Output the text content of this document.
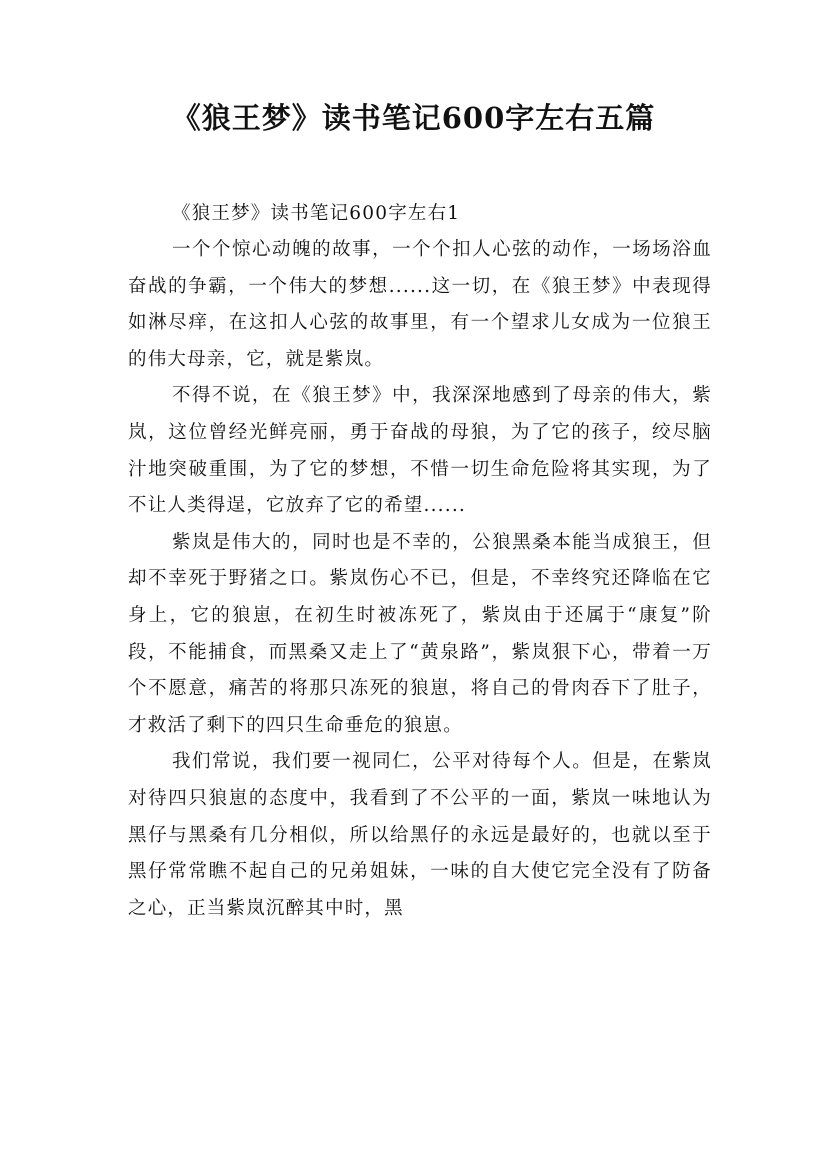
《狼王梦》读书笔记600字左右五篇

《狼王梦》读书笔记600字左右1

一个个惊心动魄的故事，一个个扣人心弦的动作，一场场浴血奋战的争霸，一个伟大的梦想......这一切，在《狼王梦》中表现得如淋尽痒，在这扣人心弦的故事里，有一个望求儿女成为一位狼王的伟大母亲，它，就是紫岚。

不得不说，在《狼王梦》中，我深深地感到了母亲的伟大，紫岚，这位曾经光鲜亮丽，勇于奋战的母狼，为了它的孩子，绞尽脑汁地突破重围，为了它的梦想，不惜一切生命危险将其实现，为了不让人类得逞，它放弃了它的希望......

紫岚是伟大的，同时也是不幸的，公狼黑桑本能当成狼王，但却不幸死于野猪之口。紫岚伤心不已，但是，不幸终究还降临在它身上，它的狼崽，在初生时被冻死了，紫岚由于还属于“康复”阶段，不能捕食，而黑桑又走上了“黄泉路”，紫岚狠下心，带着一万个不愿意，痛苦的将那只冻死的狼崽，将自己的骨肉吞下了肚子，才救活了剩下的四只生命垂危的狼崽。

我们常说，我们要一视同仁，公平对待每个人。但是，在紫岚对待四只狼崽的态度中，我看到了不公平的一面，紫岚一味地认为黑仔与黑桑有几分相似，所以给黑仔的永远是最好的，也就以至于黑仔常常瞧不起自己的兄弟姐妹，一味的自大使它完全没有了防备之心，正当紫岚沉醉其中时，黑
